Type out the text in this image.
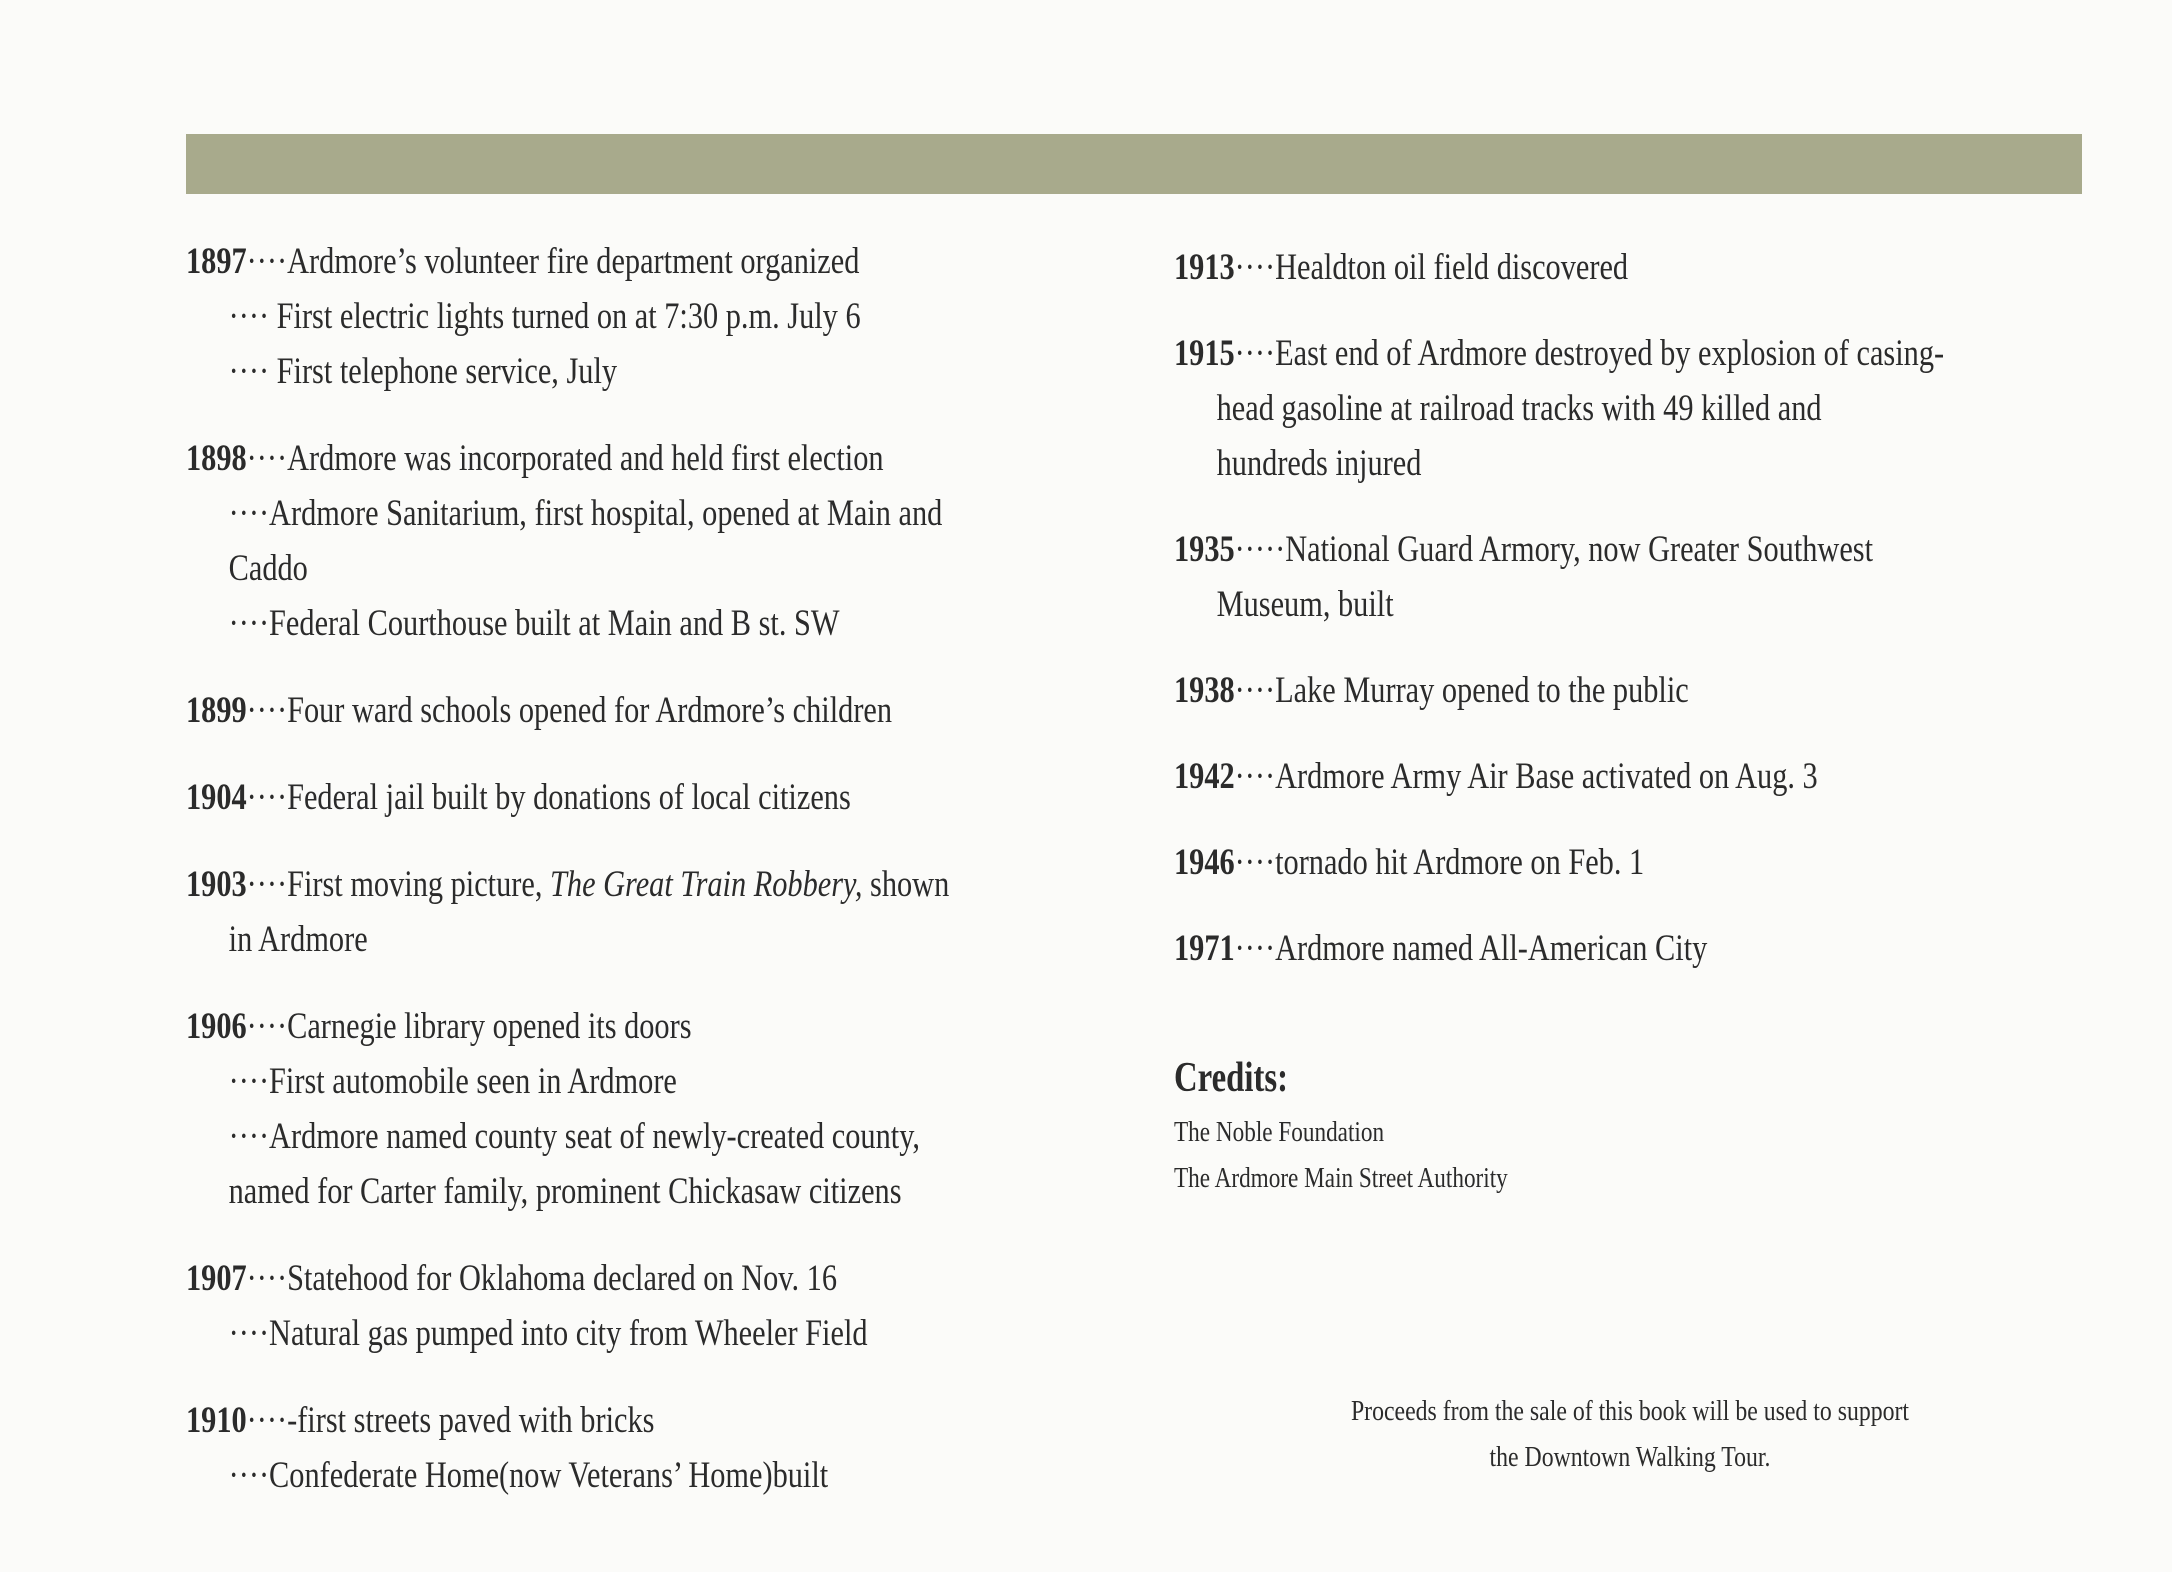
1897····Ardmore’s volunteer fire department organized
···· First electric lights turned on at 7:30 p.m. July 6
···· First telephone service, July
1898····Ardmore was incorporated and held first election
····Ardmore Sanitarium, first hospital, opened at Main and
Caddo
····Federal Courthouse built at Main and B st. SW
1899····Four ward schools opened for Ardmore’s children
1904····Federal jail built by donations of local citizens
1903····First moving picture, The Great Train Robbery, shown
in Ardmore
1906····Carnegie library opened its doors
····First automobile seen in Ardmore
····Ardmore named county seat of newly-created county,
named for Carter family, prominent Chickasaw citizens
1907····Statehood for Oklahoma declared on Nov. 16
····Natural gas pumped into city from Wheeler Field
1910····-first streets paved with bricks
····Confederate Home(now Veterans’ Home)built
1913····Healdton oil field discovered
1915····East end of Ardmore destroyed by explosion of casing-
head gasoline at railroad tracks with 49 killed and
hundreds injured
1935·····National Guard Armory, now Greater Southwest
Museum, built
1938····Lake Murray opened to the public
1942····Ardmore Army Air Base activated on Aug. 3
1946····tornado hit Ardmore on Feb. 1
1971····Ardmore named All-American City
Credits:
The Noble Foundation
The Ardmore Main Street Authority
Proceeds from the sale of this book will be used to support
the Downtown Walking Tour.
